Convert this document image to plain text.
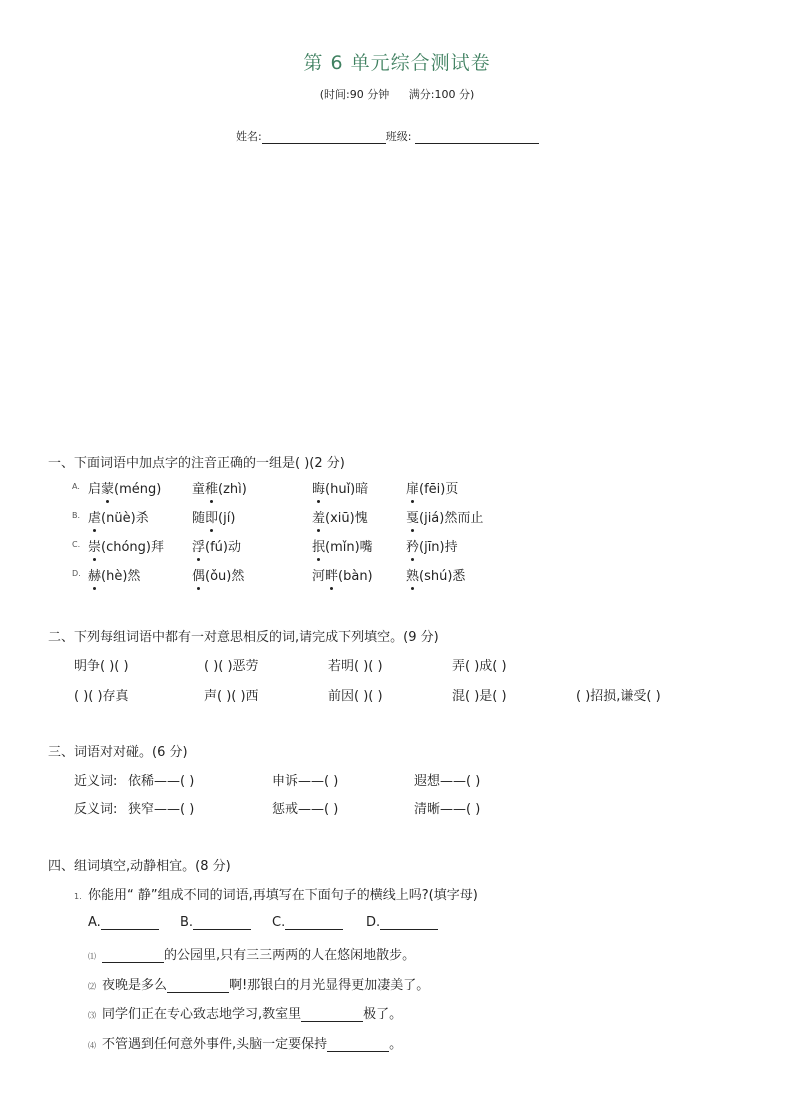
第 6 单元综合测试卷
(时间:90 分钟 满分:100 分)
姓名:	班级:
一、下面词语中加点字的注音正确的一组是( )(2 分)
A. 启蒙(méng) 童稚(zhì)	晦(huǐ)暗	扉(fēi)页
B. 虐(nüè)杀	随即(jí)	羞(xiū)愧	戛(jiá)然而止
C. 崇(chóng)拜 浮(fú)动	抿(mǐn)嘴	矜(jīn)持
D. 赫(hè)然	偶(ǒu)然	河畔(bàn)	熟(shú)悉
二、下列每组词语中都有一对意思相反的词,请完成下列填空。(9 分)
明争( )( )	( )( )恶劳	若明( )( )	弄( )成( )
( )( )存真	声( )( )西	前因( )( )	混( )是( )	( )招损,谦受( )
三、词语对对碰。(6 分)
近义词: 依稀——( )	申诉——( )	遐想——( )
反义词: 狭窄——( )	惩戒——( )	清晰——( )
四、组词填空,动静相宜。(8 分)
1. 你能用“ 静”组成不同的词语,再填写在下面句子的横线上吗?(填字母)
A.	B.	C.	D.
⑴	的公园里,只有三三两两的人在悠闲地散步。
⑵ 夜晚是多么	啊!那银白的月光显得更加凄美了。
⑶ 同学们正在专心致志地学习,教室里	极了。
⑷ 不管遇到任何意外事件,头脑一定要保持	。
